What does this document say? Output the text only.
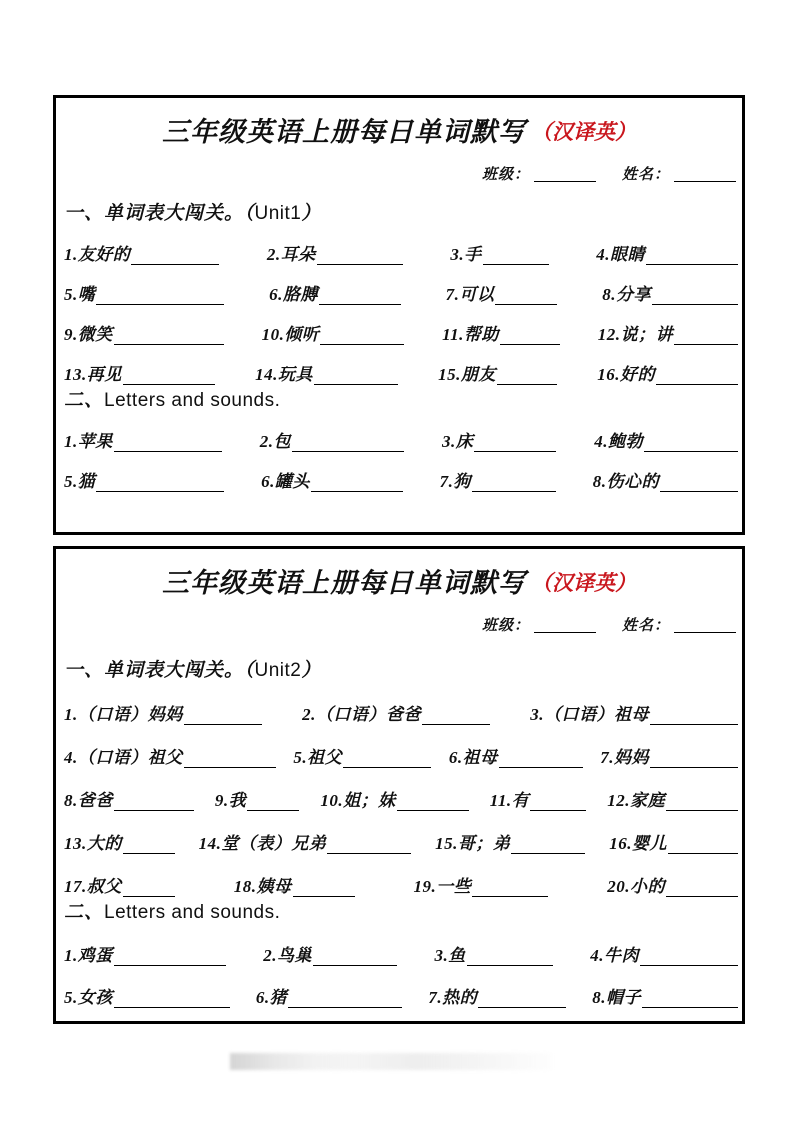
三年级英语上册每日单词默写 （汉译英）
班级：	姓名：
一、单词表大闯关。（Unit1）
1.友好的	2.耳朵	3.手	4.眼睛
5.嘴	6.胳膊	7.可以	8.分享
9.微笑	10.倾听	11.帮助	12.说；讲
13.再见	14.玩具	15.朋友	16.好的
二、Letters and sounds.
1.苹果	2.包	3.床	4.鲍勃
5.猫	6.罐头	7.狗	8.伤心的
三年级英语上册每日单词默写 （汉译英）
班级：	姓名：
一、单词表大闯关。（Unit2）
1.（口语）妈妈	2.（口语）爸爸	3.（口语）祖母
4.（口语）祖父	5.祖父	6.祖母	7.妈妈
8.爸爸	9.我	10.姐；妹	11.有	12.家庭
13.大的	14.堂（表）兄弟	15.哥；弟	16.婴儿
17.叔父	18.姨母	19.一些	20.小的
二、Letters and sounds.
1.鸡蛋	2.鸟巢	3.鱼	4.牛肉
5.女孩	6.猪	7.热的	8.帽子
